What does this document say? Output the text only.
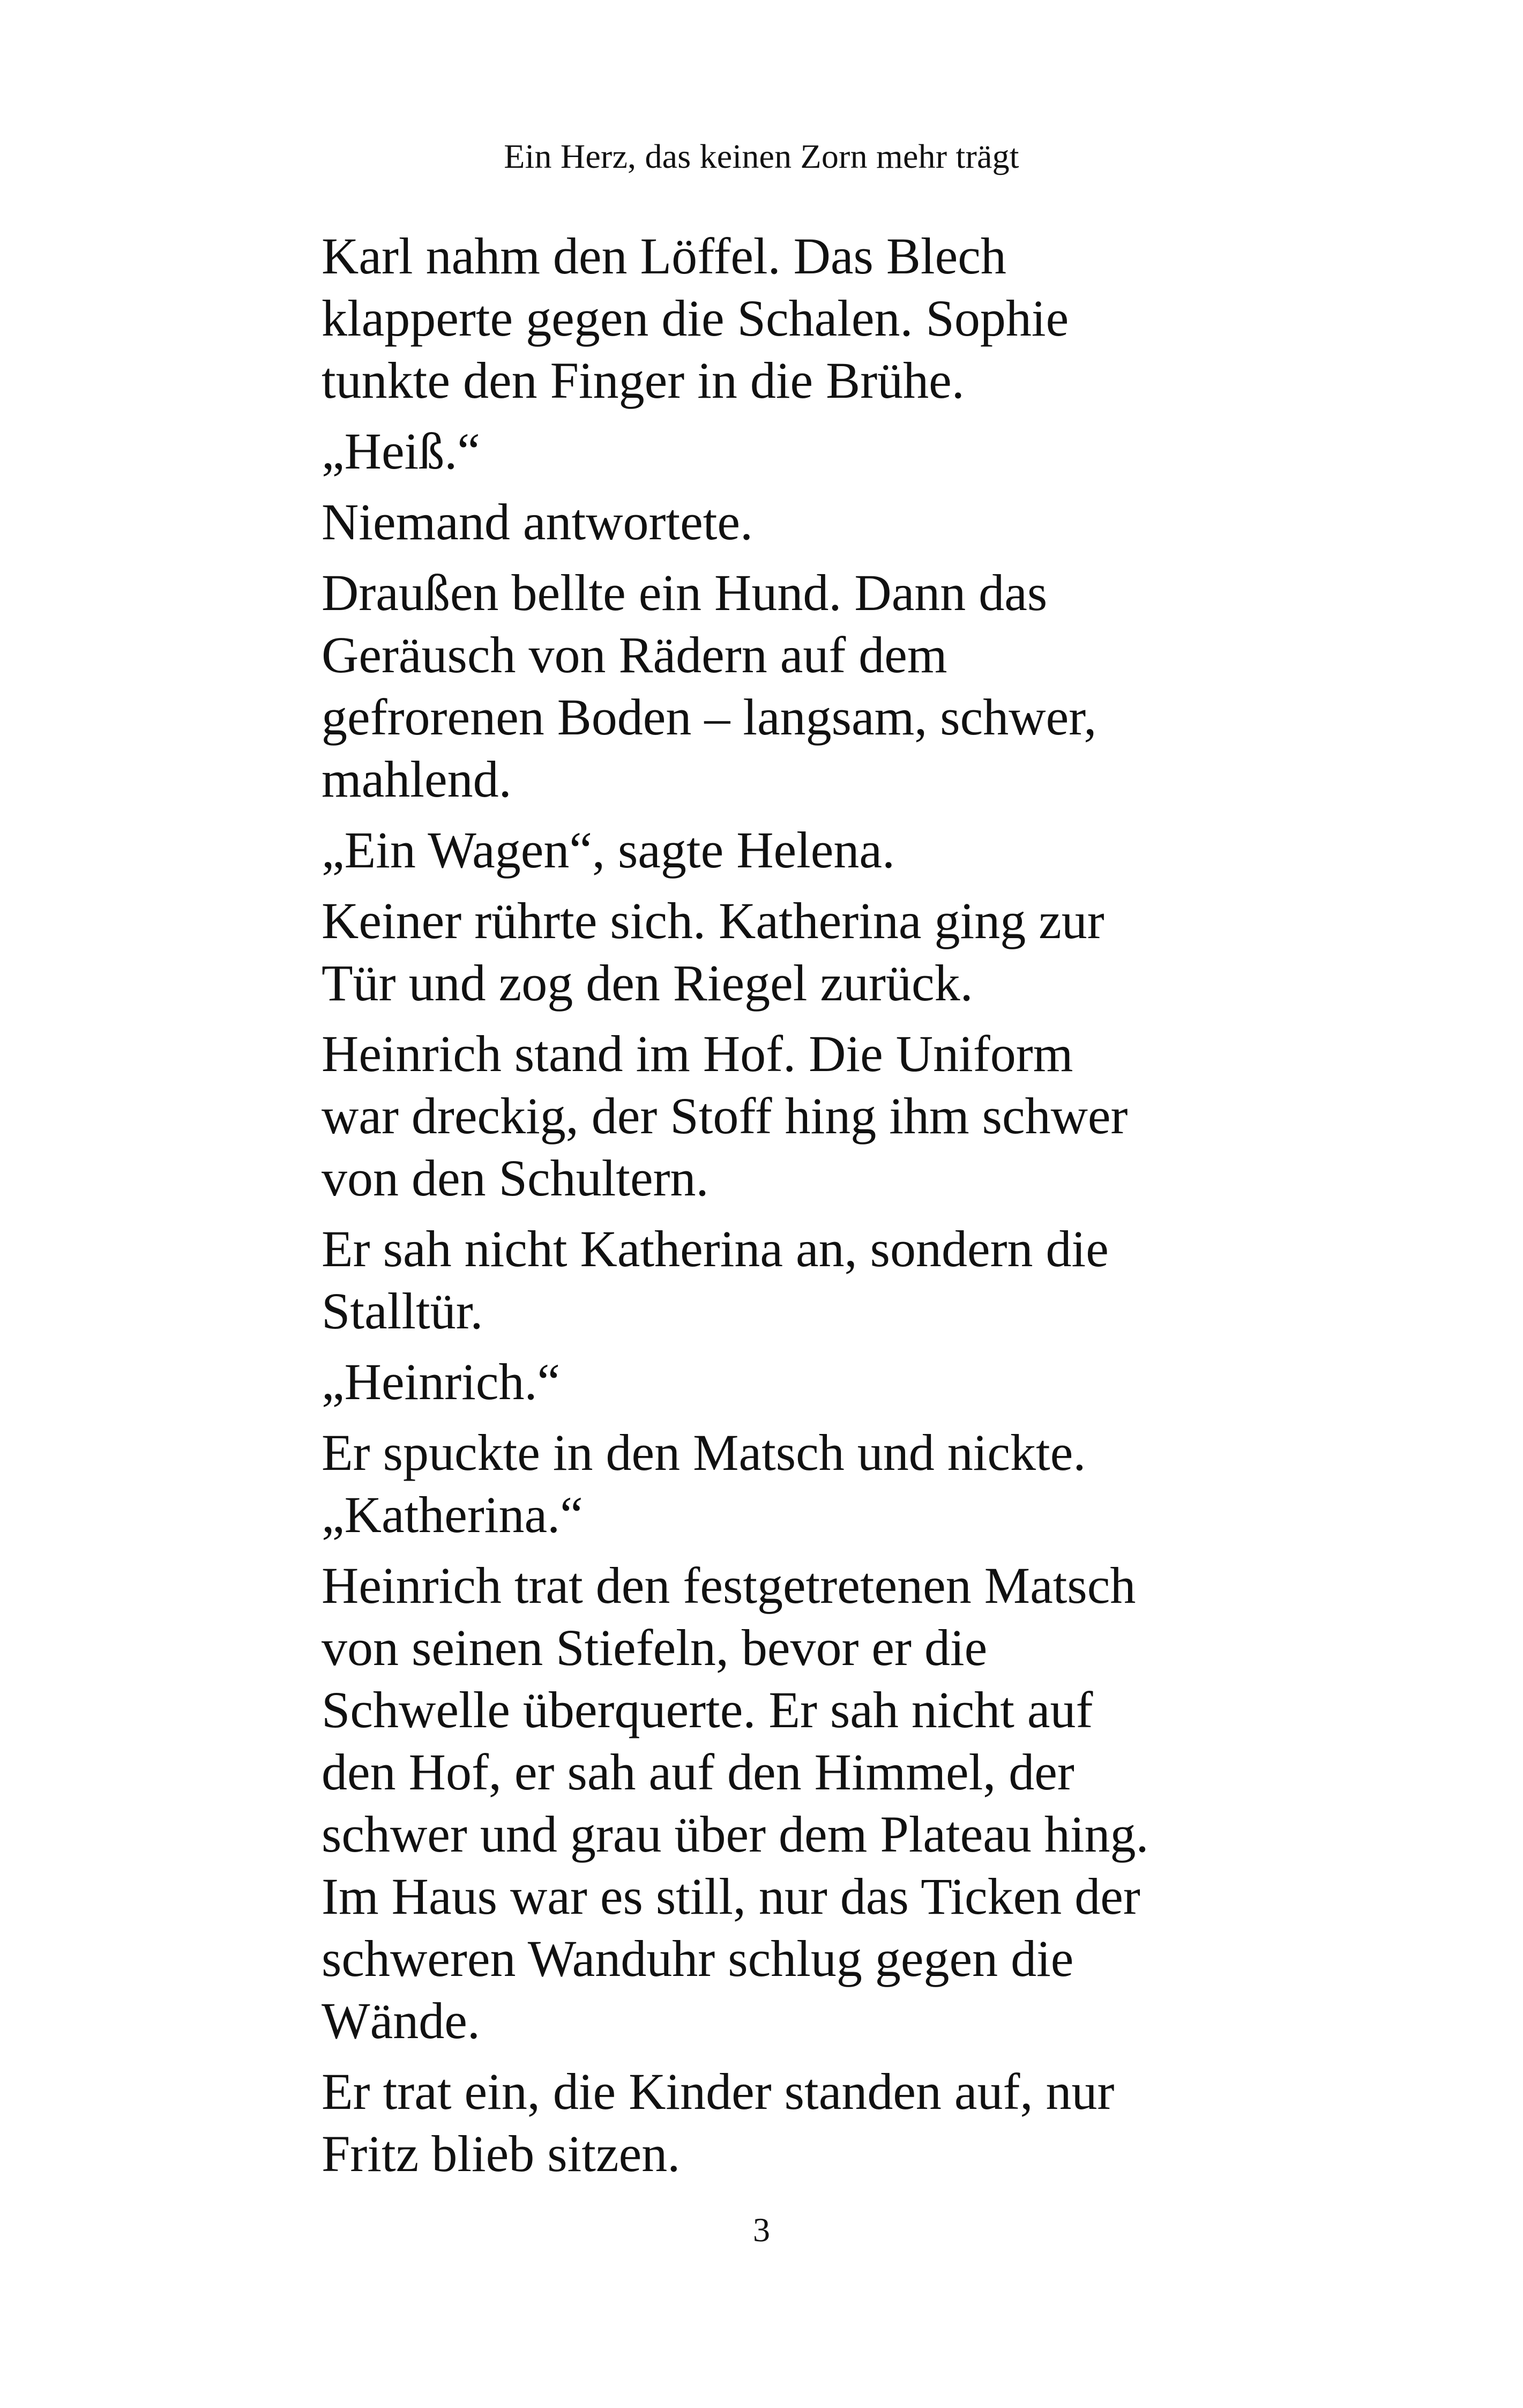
Ein Herz, das keinen Zorn mehr trägt

Karl nahm den Löffel. Das Blech
klapperte gegen die Schalen. Sophie
tunkte den Finger in die Brühe.

„Heiß.“

Niemand antwortete.

Draußen bellte ein Hund. Dann das
Geräusch von Rädern auf dem
gefrorenen Boden – langsam, schwer,
mahlend.

„Ein Wagen“, sagte Helena.

Keiner rührte sich. Katherina ging zur
Tür und zog den Riegel zurück.

Heinrich stand im Hof. Die Uniform
war dreckig, der Stoff hing ihm schwer
von den Schultern.

Er sah nicht Katherina an, sondern die
Stalltür.

„Heinrich.“

Er spuckte in den Matsch und nickte.
„Katherina.“

Heinrich trat den festgetretenen Matsch
von seinen Stiefeln, bevor er die
Schwelle überquerte. Er sah nicht auf
den Hof, er sah auf den Himmel, der
schwer und grau über dem Plateau hing.
Im Haus war es still, nur das Ticken der
schweren Wanduhr schlug gegen die
Wände.

Er trat ein, die Kinder standen auf, nur
Fritz blieb sitzen.

3
